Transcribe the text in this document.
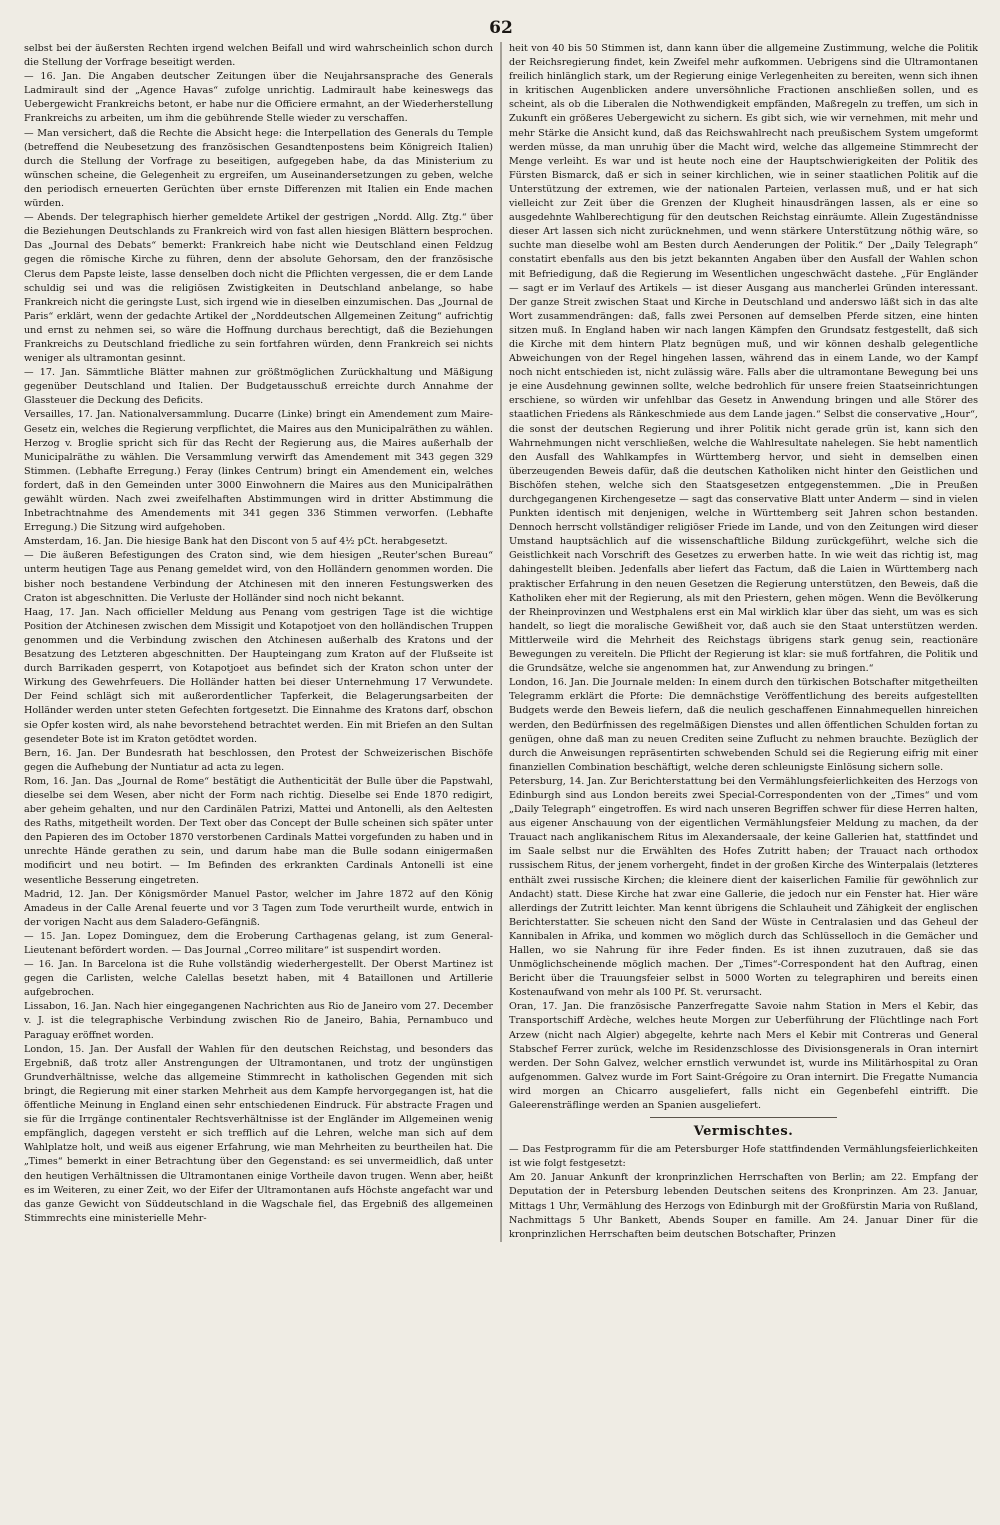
62

selbst bei der äußersten Rechten irgend welchen Beifall und wird wahrscheinlich schon durch die Stellung der Vorfrage beseitigt werden.

— 16. Jan. Die Angaben deutscher Zeitungen über die Neujahrsansprache des Generals Ladmirault sind der „Agence Havas“ zufolge unrichtig. Ladmirault habe keineswegs das Uebergewicht Frankreichs betont, er habe nur die Officiere ermahnt, an der Wiederherstellung Frankreichs zu arbeiten, um ihm die gebührende Stelle wieder zu verschaffen.

— Man versichert, daß die Rechte die Absicht hege: die Interpellation des Generals du Temple (betreffend die Neubesetzung des französischen Gesandtenpostens beim Königreich Italien) durch die Stellung der Vorfrage zu beseitigen, aufgegeben habe, da das Ministerium zu wünschen scheine, die Gelegenheit zu ergreifen, um Auseinandersetzungen zu geben, welche den periodisch erneuerten Gerüchten über ernste Differenzen mit Italien ein Ende machen würden.

— Abends. Der telegraphisch hierher gemeldete Artikel der gestrigen „Nordd. Allg. Ztg.“ über die Beziehungen Deutschlands zu Frankreich wird von fast allen hiesigen Blättern besprochen. Das „Journal des Debats“ bemerkt: Frankreich habe nicht wie Deutschland einen Feldzug gegen die römische Kirche zu führen, denn der absolute Gehorsam, den der französische Clerus dem Papste leiste, lasse denselben doch nicht die Pflichten vergessen, die er dem Lande schuldig sei und was die religiösen Zwistigkeiten in Deutschland anbelange, so habe Frankreich nicht die geringste Lust, sich irgend wie in dieselben einzumischen. Das „Journal de Paris“ erklärt, wenn der gedachte Artikel der „Norddeutschen Allgemeinen Zeitung“ aufrichtig und ernst zu nehmen sei, so wäre die Hoffnung durchaus berechtigt, daß die Beziehungen Frankreichs zu Deutschland friedliche zu sein fortfahren würden, denn Frankreich sei nichts weniger als ultramontan gesinnt.

— 17. Jan. Sämmtliche Blätter mahnen zur größtmöglichen Zurückhaltung und Mäßigung gegenüber Deutschland und Italien. Der Budgetausschuß erreichte durch Annahme der Glassteuer die Deckung des Deficits.

Versailles, 17. Jan. Nationalversammlung. Ducarre (Linke) bringt ein Amendement zum Maire-Gesetz ein, welches die Regierung verpflichtet, die Maires aus den Municipalräthen zu wählen. Herzog v. Broglie spricht sich für das Recht der Regierung aus, die Maires außerhalb der Municipalräthe zu wählen. Die Versammlung verwirft das Amendement mit 343 gegen 329 Stimmen. (Lebhafte Erregung.) Feray (linkes Centrum) bringt ein Amendement ein, welches fordert, daß in den Gemeinden unter 3000 Einwohnern die Maires aus den Municipalräthen gewählt würden. Nach zwei zweifelhaften Abstimmungen wird in dritter Abstimmung die Inbetrachtnahme des Amendements mit 341 gegen 336 Stimmen verworfen. (Lebhafte Erregung.) Die Sitzung wird aufgehoben.

Amsterdam, 16. Jan. Die hiesige Bank hat den Discont von 5 auf 4½ pCt. herabgesetzt.

— Die äußeren Befestigungen des Craton sind, wie dem hiesigen „Reuter'schen Bureau“ unterm heutigen Tage aus Penang gemeldet wird, von den Holländern genommen worden. Die bisher noch bestandene Verbindung der Atchinesen mit den inneren Festungswerken des Craton ist abgeschnitten. Die Verluste der Holländer sind noch nicht bekannt.

Haag, 17. Jan. Nach officieller Meldung aus Penang vom gestrigen Tage ist die wichtige Position der Atchinesen zwischen dem Missigit und Kotapotjoet von den holländischen Truppen genommen und die Verbindung zwischen den Atchinesen außerhalb des Kratons und der Besatzung des Letzteren abgeschnitten. Der Haupteingang zum Kraton auf der Flußseite ist durch Barrikaden gesperrt, von Kotapotjoet aus befindet sich der Kraton schon unter der Wirkung des Gewehrfeuers. Die Holländer hatten bei dieser Unternehmung 17 Verwundete. Der Feind schlägt sich mit außerordentlicher Tapferkeit, die Belagerungsarbeiten der Holländer werden unter steten Gefechten fortgesetzt. Die Einnahme des Kratons darf, obschon sie Opfer kosten wird, als nahe bevorstehend betrachtet werden. Ein mit Briefen an den Sultan gesendeter Bote ist im Kraton getödtet worden.

Bern, 16. Jan. Der Bundesrath hat beschlossen, den Protest der Schweizerischen Bischöfe gegen die Aufhebung der Nuntiatur ad acta zu legen.

Rom, 16. Jan. Das „Journal de Rome“ bestätigt die Authenticität der Bulle über die Papstwahl, dieselbe sei dem Wesen, aber nicht der Form nach richtig. Dieselbe sei Ende 1870 redigirt, aber geheim gehalten, und nur den Cardinälen Patrizi, Mattei und Antonelli, als den Aeltesten des Raths, mitgetheilt worden. Der Text ober das Concept der Bulle scheinen sich später unter den Papieren des im October 1870 verstorbenen Cardinals Mattei vorgefunden zu haben und in unrechte Hände gerathen zu sein, und darum habe man die Bulle sodann einigermaßen modificirt und neu botirt. — Im Befinden des erkrankten Cardinals Antonelli ist eine wesentliche Besserung eingetreten.

Madrid, 12. Jan. Der Königsmörder Manuel Pastor, welcher im Jahre 1872 auf den König Amadeus in der Calle Arenal feuerte und vor 3 Tagen zum Tode verurtheilt wurde, entwich in der vorigen Nacht aus dem Saladero-Gefängniß.

— 15. Jan. Lopez Dominguez, dem die Eroberung Carthagenas gelang, ist zum General-Lieutenant befördert worden. — Das Journal „Correo militare“ ist suspendirt worden.

— 16. Jan. In Barcelona ist die Ruhe vollständig wiederhergestellt. Der Oberst Martinez ist gegen die Carlisten, welche Calellas besetzt haben, mit 4 Bataillonen und Artillerie aufgebrochen.

Lissabon, 16. Jan. Nach hier eingegangenen Nachrichten aus Rio de Janeiro vom 27. December v. J. ist die telegraphische Verbindung zwischen Rio de Janeiro, Bahia, Pernambuco und Paraguay eröffnet worden.

London, 15. Jan. Der Ausfall der Wahlen für den deutschen Reichstag, und besonders das Ergebniß, daß trotz aller Anstrengungen der Ultramontanen, und trotz der ungünstigen Grundverhältnisse, welche das allgemeine Stimmrecht in katholischen Gegenden mit sich bringt, die Regierung mit einer starken Mehrheit aus dem Kampfe hervorgegangen ist, hat die öffentliche Meinung in England einen sehr entschiedenen Eindruck. Für abstracte Fragen und sie für die Irrgänge continentaler Rechtsverhältnisse ist der Engländer im Allgemeinen wenig empfänglich, dagegen versteht er sich trefflich auf die Lehren, welche man sich auf dem Wahlplatze holt, und weiß aus eigener Erfahrung, wie man Mehrheiten zu beurtheilen hat. Die „Times“ bemerkt in einer Betrachtung über den Gegenstand: es sei unvermeidlich, daß unter den heutigen Verhältnissen die Ultramontanen einige Vortheile davon trugen. Wenn aber, heißt es im Weiteren, zu einer Zeit, wo der Eifer der Ultramontanen aufs Höchste angefacht war und das ganze Gewicht von Süddeutschland in die Wagschale fiel, das Ergebniß des allgemeinen Stimmrechts eine ministerielle Mehr-

heit von 40 bis 50 Stimmen ist, dann kann über die allgemeine Zustimmung, welche die Politik der Reichsregierung findet, kein Zweifel mehr aufkommen. Uebrigens sind die Ultramontanen freilich hinlänglich stark, um der Regierung einige Verlegenheiten zu bereiten, wenn sich ihnen in kritischen Augenblicken andere unversöhnliche Fractionen anschließen sollen, und es scheint, als ob die Liberalen die Nothwendigkeit empfänden, Maßregeln zu treffen, um sich in Zukunft ein größeres Uebergewicht zu sichern. Es gibt sich, wie wir vernehmen, mit mehr und mehr Stärke die Ansicht kund, daß das Reichswahlrecht nach preußischem System umgeformt werden müsse, da man unruhig über die Macht wird, welche das allgemeine Stimmrecht der Menge verleiht. Es war und ist heute noch eine der Hauptschwierigkeiten der Politik des Fürsten Bismarck, daß er sich in seiner kirchlichen, wie in seiner staatlichen Politik auf die Unterstützung der extremen, wie der nationalen Parteien, verlassen muß, und er hat sich vielleicht zur Zeit über die Grenzen der Klugheit hinausdrängen lassen, als er eine so ausgedehnte Wahlberechtigung für den deutschen Reichstag einräumte. Allein Zugeständnisse dieser Art lassen sich nicht zurücknehmen, und wenn stärkere Unterstützung nöthig wäre, so suchte man dieselbe wohl am Besten durch Aenderungen der Politik.“ Der „Daily Telegraph“ constatirt ebenfalls aus den bis jetzt bekannten Angaben über den Ausfall der Wahlen schon mit Befriedigung, daß die Regierung im Wesentlichen ungeschwächt dastehe. „Für Engländer — sagt er im Verlauf des Artikels — ist dieser Ausgang aus mancherlei Gründen interessant. Der ganze Streit zwischen Staat und Kirche in Deutschland und anderswo läßt sich in das alte Wort zusammendrängen: daß, falls zwei Personen auf demselben Pferde sitzen, eine hinten sitzen muß. In England haben wir nach langen Kämpfen den Grundsatz festgestellt, daß sich die Kirche mit dem hintern Platz begnügen muß, und wir können deshalb gelegentliche Abweichungen von der Regel hingehen lassen, während das in einem Lande, wo der Kampf noch nicht entschieden ist, nicht zulässig wäre. Falls aber die ultramontane Bewegung bei uns je eine Ausdehnung gewinnen sollte, welche bedrohlich für unsere freien Staatseinrichtungen erschiene, so würden wir unfehlbar das Gesetz in Anwendung bringen und alle Störer des staatlichen Friedens als Ränkeschmiede aus dem Lande jagen.“ Selbst die conservative „Hour“, die sonst der deutschen Regierung und ihrer Politik nicht gerade grün ist, kann sich den Wahrnehmungen nicht verschließen, welche die Wahlresultate nahelegen. Sie hebt namentlich den Ausfall des Wahlkampfes in Württemberg hervor, und sieht in demselben einen überzeugenden Beweis dafür, daß die deutschen Katholiken nicht hinter den Geistlichen und Bischöfen stehen, welche sich den Staatsgesetzen entgegenstemmen. „Die in Preußen durchgegangenen Kirchengesetze — sagt das conservative Blatt unter Anderm — sind in vielen Punkten identisch mit denjenigen, welche in Württemberg seit Jahren schon bestanden. Dennoch herrscht vollständiger religiöser Friede im Lande, und von den Zeitungen wird dieser Umstand hauptsächlich auf die wissenschaftliche Bildung zurückgeführt, welche sich die Geistlichkeit nach Vorschrift des Gesetzes zu erwerben hatte. In wie weit das richtig ist, mag dahingestellt bleiben. Jedenfalls aber liefert das Factum, daß die Laien in Württemberg nach praktischer Erfahrung in den neuen Gesetzen die Regierung unterstützen, den Beweis, daß die Katholiken eher mit der Regierung, als mit den Priestern, gehen mögen. Wenn die Bevölkerung der Rheinprovinzen und Westphalens erst ein Mal wirklich klar über das sieht, um was es sich handelt, so liegt die moralische Gewißheit vor, daß auch sie den Staat unterstützen werden. Mittlerweile wird die Mehrheit des Reichstags übrigens stark genug sein, reactionäre Bewegungen zu vereiteln. Die Pflicht der Regierung ist klar: sie muß fortfahren, die Politik und die Grundsätze, welche sie angenommen hat, zur Anwendung zu bringen.“

London, 16. Jan. Die Journale melden: In einem durch den türkischen Botschafter mitgetheilten Telegramm erklärt die Pforte: Die demnächstige Veröffentlichung des bereits aufgestellten Budgets werde den Beweis liefern, daß die neulich geschaffenen Einnahmequellen hinreichen werden, den Bedürfnissen des regelmäßigen Dienstes und allen öffentlichen Schulden fortan zu genügen, ohne daß man zu neuen Crediten seine Zuflucht zu nehmen brauchte. Bezüglich der durch die Anweisungen repräsentirten schwebenden Schuld sei die Regierung eifrig mit einer finanziellen Combination beschäftigt, welche deren schleunigste Einlösung sichern solle.

Petersburg, 14. Jan. Zur Berichterstattung bei den Vermählungsfeierlichkeiten des Herzogs von Edinburgh sind aus London bereits zwei Special-Correspondenten von der „Times“ und vom „Daily Telegraph“ eingetroffen. Es wird nach unseren Begriffen schwer für diese Herren halten, aus eigener Anschauung von der eigentlichen Vermählungsfeier Meldung zu machen, da der Trauact nach anglikanischem Ritus im Alexandersaale, der keine Gallerien hat, stattfindet und im Saale selbst nur die Erwählten des Hofes Zutritt haben; der Trauact nach orthodox russischem Ritus, der jenem vorhergeht, findet in der großen Kirche des Winterpalais (letzteres enthält zwei russische Kirchen; die kleinere dient der kaiserlichen Familie für gewöhnlich zur Andacht) statt. Diese Kirche hat zwar eine Gallerie, die jedoch nur ein Fenster hat. Hier wäre allerdings der Zutritt leichter. Man kennt übrigens die Schlauheit und Zähigkeit der englischen Berichterstatter. Sie scheuen nicht den Sand der Wüste in Centralasien und das Geheul der Kannibalen in Afrika, und kommen wo möglich durch das Schlüsselloch in die Gemächer und Hallen, wo sie Nahrung für ihre Feder finden. Es ist ihnen zuzutrauen, daß sie das Unmöglichscheinende möglich machen. Der „Times“-Correspondent hat den Auftrag, einen Bericht über die Trauungsfeier selbst in 5000 Worten zu telegraphiren und bereits einen Kostenaufwand von mehr als 100 Pf. St. verursacht.

Oran, 17. Jan. Die französische Panzerfregatte Savoie nahm Station in Mers el Kebir, das Transportschiff Ardèche, welches heute Morgen zur Ueberführung der Flüchtlinge nach Fort Arzew (nicht nach Algier) abgegelte, kehrte nach Mers el Kebir mit Contreras und General Stabschef Ferrer zurück, welche im Residenzschlosse des Divisionsgenerals in Oran internirt werden. Der Sohn Galvez, welcher ernstlich verwundet ist, wurde ins Militärhospital zu Oran aufgenommen. Galvez wurde im Fort Saint-Grégoire zu Oran internirt. Die Fregatte Numancia wird morgen an Chicarro ausgeliefert, falls nicht ein Gegenbefehl eintrifft. Die Galeerensträflinge werden an Spanien ausgeliefert.

Vermischtes.

— Das Festprogramm für die am Petersburger Hofe stattfindenden Vermählungsfeierlichkeiten ist wie folgt festgesetzt:

Am 20. Januar Ankunft der kronprinzlichen Herrschaften von Berlin; am 22. Empfang der Deputation der in Petersburg lebenden Deutschen seitens des Kronprinzen. Am 23. Januar, Mittags 1 Uhr, Vermählung des Herzogs von Edinburgh mit der Großfürstin Maria von Rußland, Nachmittags 5 Uhr Bankett, Abends Souper en famille. Am 24. Januar Diner für die kronprinzlichen Herrschaften beim deutschen Botschafter, Prinzen
